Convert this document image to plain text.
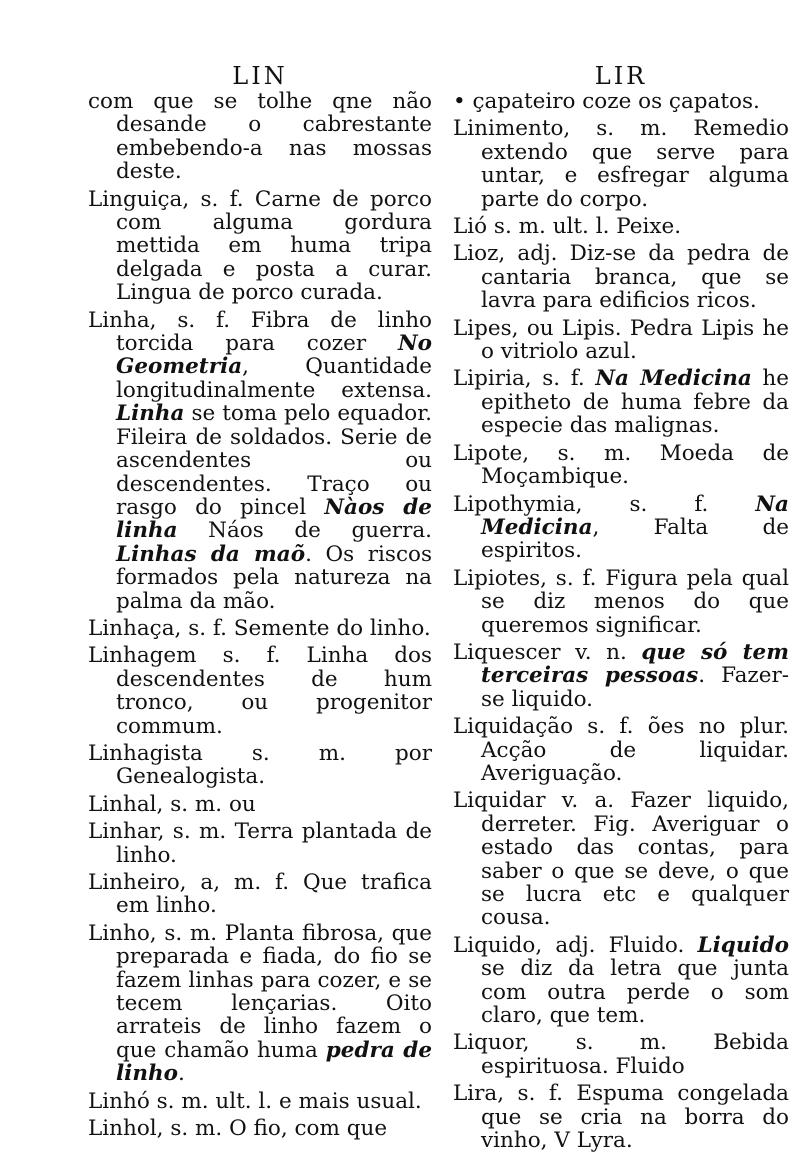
LIN
com que se tolhe qne não desande o cabrestante embebendo-a nas mossas deste.
Linguiça, s. f. Carne de porco com alguma gordura mettida em huma tripa delgada e posta a curar. Lingua de porco curada.
Linha, s. f. Fibra de linho torcida para cozer No Geometria, Quantidade longitudinalmente extensa. Linha se toma pelo equador. Fileira de soldados. Serie de ascendentes ou descendentes. Traço ou rasgo do pincel Nàos de linha Náos de guerra. Linhas da maõ. Os riscos formados pela natureza na palma da mão.
Linhaça, s. f. Semente do linho.
Linhagem s. f. Linha dos descendentes de hum tronco, ou progenitor commum.
Linhagista s. m. por Genealogista.
Linhal, s. m. ou
Linhar, s. m. Terra plantada de linho.
Linheiro, a, m. f. Que trafica em linho.
Linho, s. m. Planta fibrosa, que preparada e fiada, do fio se fazem linhas para cozer, e se tecem lençarias. Oito arrateis de linho fazem o que chamão huma pedra de linho.
Linhó s. m. ult. l. e mais usual.
Linhol, s. m. O fio, com que
LIR
• çapateiro coze os çapatos.
Linimento, s. m. Remedio extendo que serve para untar, e esfregar alguma parte do corpo.
Lió s. m. ult. l. Peixe.
Lioz, adj. Diz-se da pedra de cantaria branca, que se lavra para edificios ricos.
Lipes, ou Lipis. Pedra Lipis he o vitriolo azul.
Lipiria, s. f. Na Medicina he epitheto de huma febre da especie das malignas.
Lipote, s. m. Moeda de Moçambique.
Lipothymia, s. f. Na Medicina, Falta de espiritos.
Lipiotes, s. f. Figura pela qual se diz menos do que queremos significar.
Liquescer v. n. que só tem terceiras pessoas. Fazer-se liquido.
Liquidação s. f. ões no plur. Acção de liquidar. Averiguação.
Liquidar v. a. Fazer liquido, derreter. Fig. Averiguar o estado das contas, para saber o que se deve, o que se lucra etc e qualquer cousa.
Liquido, adj. Fluido. Liquido se diz da letra que junta com outra perde o som claro, que tem.
Liquor, s. m. Bebida espirituosa. Fluido
Lira, s. f. Espuma congelada que se cria na borra do vinho, V Lyra.
